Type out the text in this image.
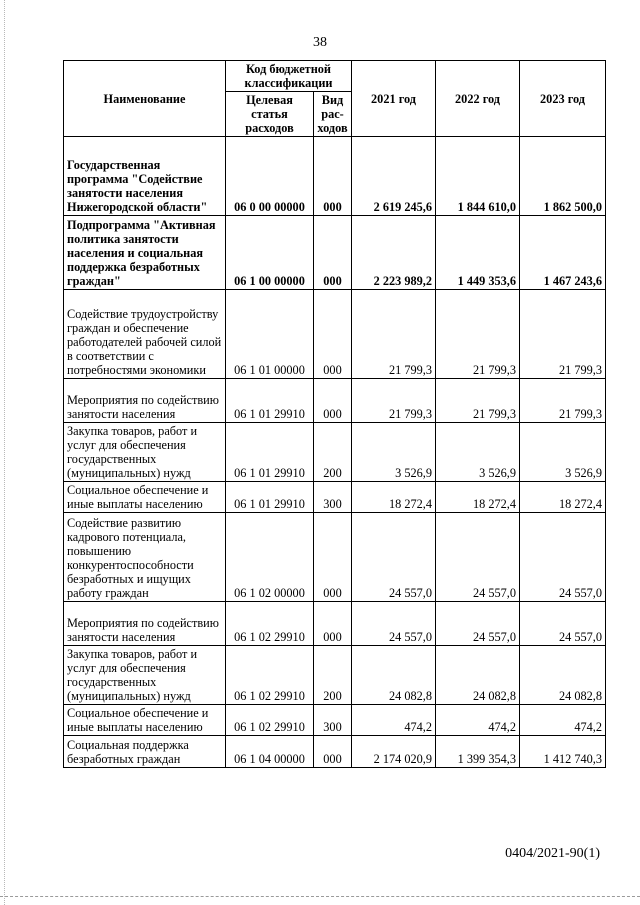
38
Наименование	Код бюджетной классификации		2021 год	2022 год	2023 год
	Целевая статья расходов	Вид рас-ходов			
Государственная программа "Содействие занятости населения Нижегородской области"	06 0 00 00000	000	2 619 245,6	1 844 610,0	1 862 500,0
Подпрограмма "Активная политика занятости населения и социальная поддержка безработных граждан"	06 1 00 00000	000	2 223 989,2	1 449 353,6	1 467 243,6
Содействие трудоустройству граждан и обеспечение работодателей рабочей силой в соответствии с потребностями экономики	06 1 01 00000	000	21 799,3	21 799,3	21 799,3
Мероприятия по содействию занятости населения	06 1 01 29910	000	21 799,3	21 799,3	21 799,3
Закупка товаров, работ и услуг для обеспечения государственных (муниципальных) нужд	06 1 01 29910	200	3 526,9	3 526,9	3 526,9
Социальное обеспечение и иные выплаты населению	06 1 01 29910	300	18 272,4	18 272,4	18 272,4
Содействие развитию кадрового потенциала, повышению конкурентоспособности безработных и ищущих работу граждан	06 1 02 00000	000	24 557,0	24 557,0	24 557,0
Мероприятия по содействию занятости населения	06 1 02 29910	000	24 557,0	24 557,0	24 557,0
Закупка товаров, работ и услуг для обеспечения государственных (муниципальных) нужд	06 1 02 29910	200	24 082,8	24 082,8	24 082,8
Социальное обеспечение и иные выплаты населению	06 1 02 29910	300	474,2	474,2	474,2
Социальная поддержка безработных граждан	06 1 04 00000	000	2 174 020,9	1 399 354,3	1 412 740,3
0404/2021-90(1)
